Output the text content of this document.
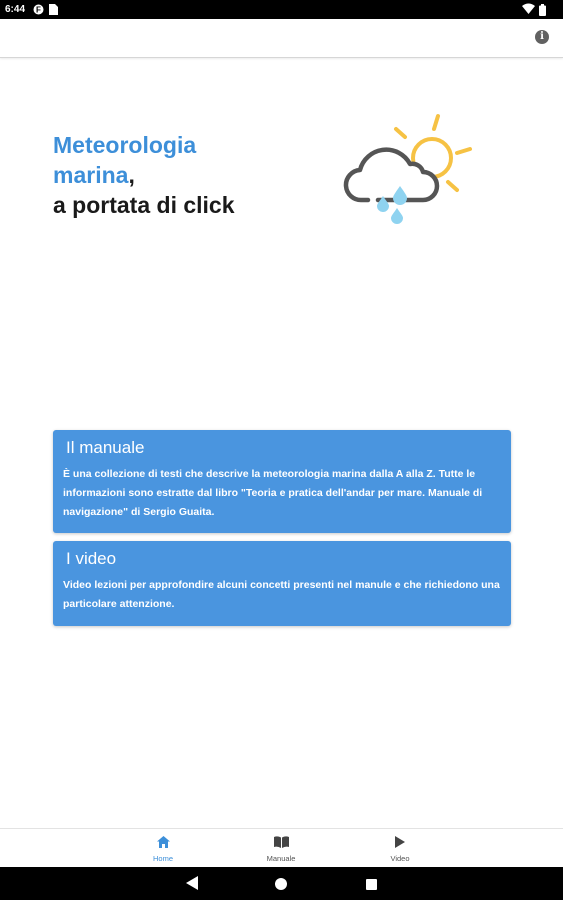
6:44 F
i
Meteorologia
marina,
a portata di click
Il manuale

È una collezione di testi che descrive la meteorologia marina dalla A alla Z. Tutte le informazioni sono estratte dal libro "Teoria e pratica dell'andar per mare. Manuale di navigazione" di Sergio Guaita.

I video

Video lezioni per approfondire alcuni concetti presenti nel manule e che richiedono una particolare attenzione.

Home	Manuale	Video
